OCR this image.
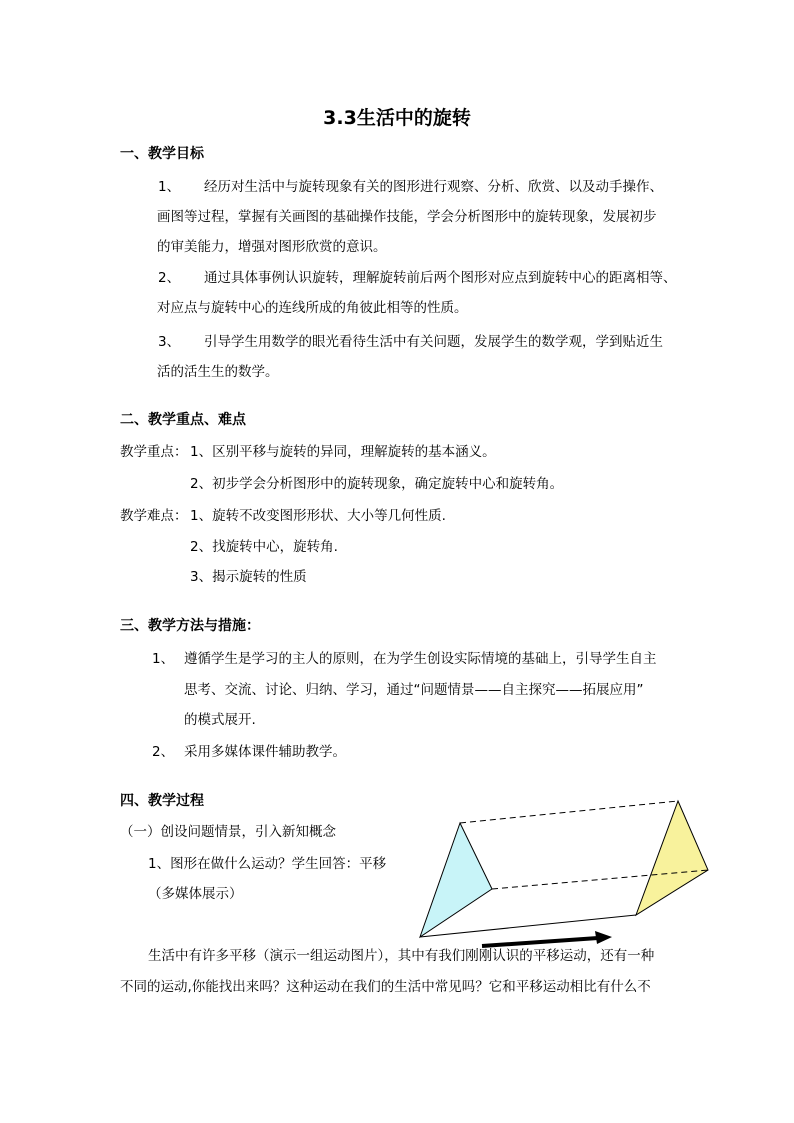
3.3生活中的旋转
一、教学目标
1、 经历对生活中与旋转现象有关的图形进行观察、分析、欣赏、以及动手操作、
画图等过程，掌握有关画图的基础操作技能，学会分析图形中的旋转现象，发展初步
的审美能力，增强对图形欣赏的意识。
2、 通过具体事例认识旋转，理解旋转前后两个图形对应点到旋转中心的距离相等、
对应点与旋转中心的连线所成的角彼此相等的性质。
3、 引导学生用数学的眼光看待生活中有关问题，发展学生的数学观，学到贴近生
活的活生生的数学。
二、教学重点、难点
教学重点： 1、区别平移与旋转的异同，理解旋转的基本涵义。
2、初步学会分析图形中的旋转现象，确定旋转中心和旋转角。
教学难点： 1、旋转不改变图形形状、大小等几何性质.
2、找旋转中心，旋转角.
3、揭示旋转的性质
三、教学方法与措施：
1、 遵循学生是学习的主人的原则，在为学生创设实际情境的基础上，引导学生自主
思考、交流、讨论、归纳、学习，通过“问题情景——自主探究——拓展应用”
的模式展开.
2、 采用多媒体课件辅助教学。
四、教学过程
（一）创设问题情景，引入新知概念
1、图形在做什么运动？学生回答：平移
（多媒体展示）
生活中有许多平移（演示一组运动图片），其中有我们刚刚认识的平移运动，还有一种
不同的运动,你能找出来吗？这种运动在我们的生活中常见吗？它和平移运动相比有什么不
